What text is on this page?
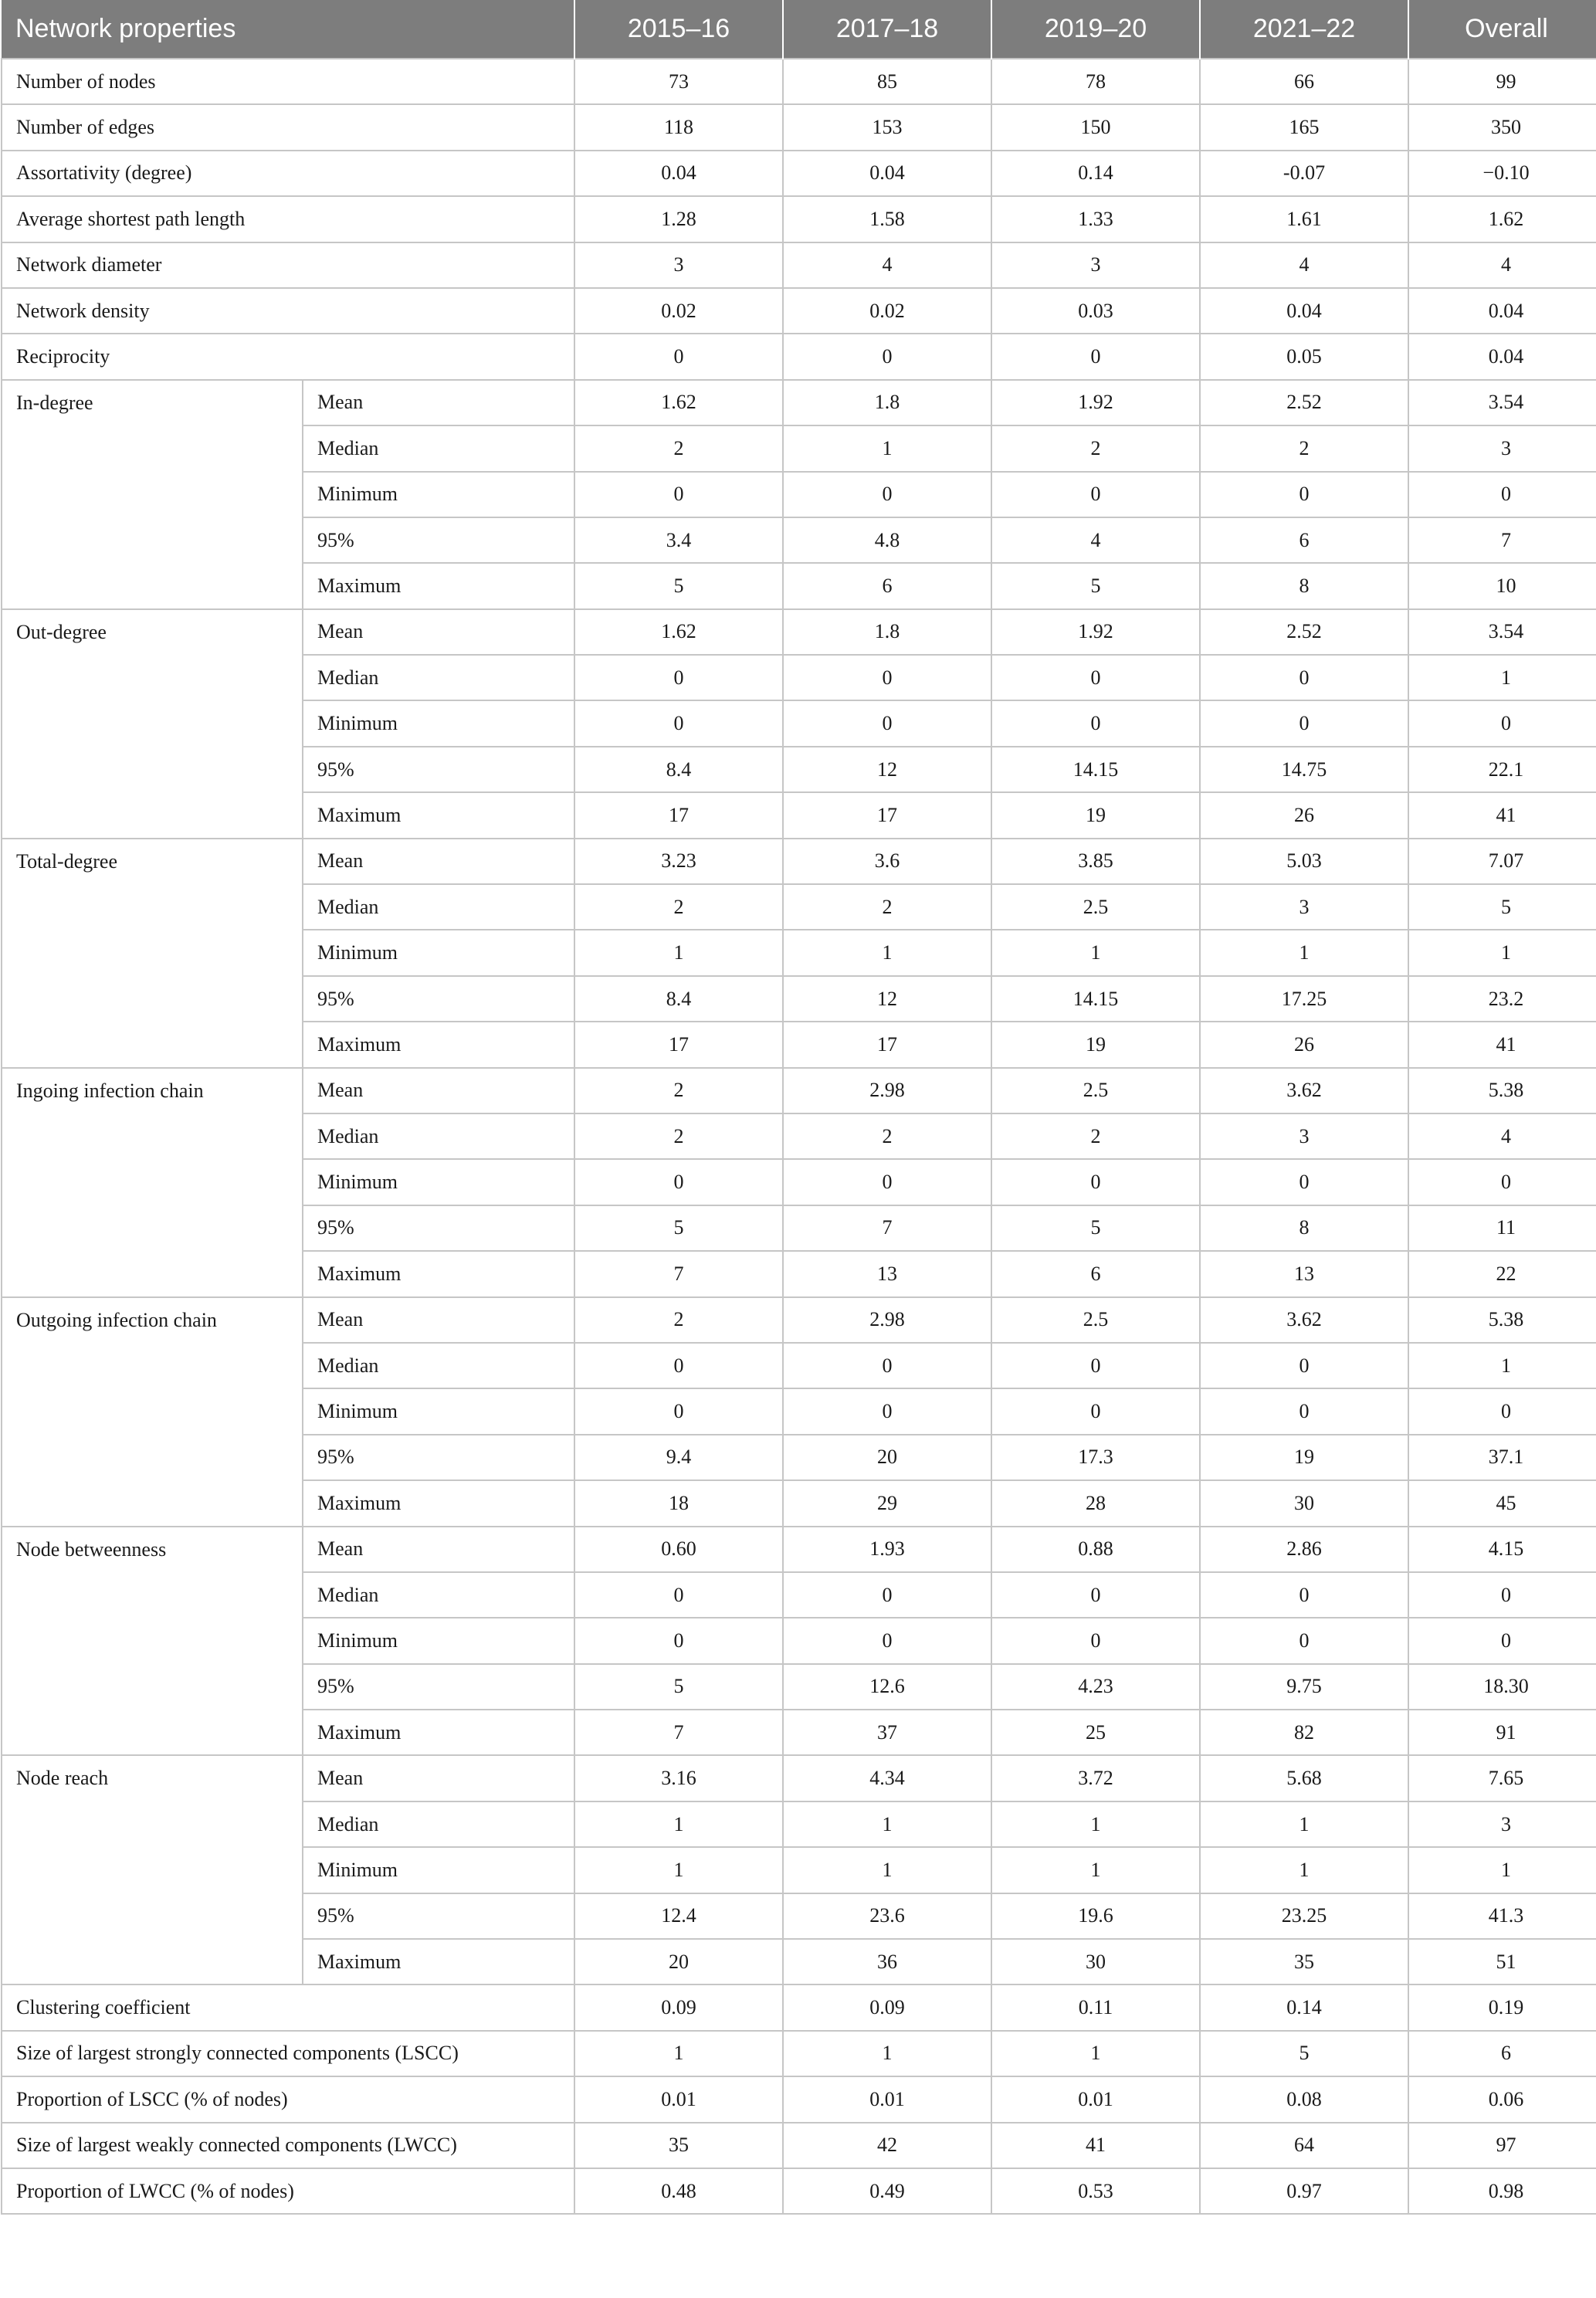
Network properties		2015–16	2017–18	2019–20	2021–22	Overall
Number of nodes		73	85	78	66	99
Number of edges		118	153	150	165	350
Assortativity (degree)		0.04	0.04	0.14	-0.07	−0.10
Average shortest path length		1.28	1.58	1.33	1.61	1.62
Network diameter		3	4	3	4	4
Network density		0.02	0.02	0.03	0.04	0.04
Reciprocity		0	0	0	0.05	0.04
In-degree	Mean	1.62	1.8	1.92	2.52	3.54
	Median	2	1	2	2	3
	Minimum	0	0	0	0	0
	95%	3.4	4.8	4	6	7
	Maximum	5	6	5	8	10
Out-degree	Mean	1.62	1.8	1.92	2.52	3.54
	Median	0	0	0	0	1
	Minimum	0	0	0	0	0
	95%	8.4	12	14.15	14.75	22.1
	Maximum	17	17	19	26	41
Total-degree	Mean	3.23	3.6	3.85	5.03	7.07
	Median	2	2	2.5	3	5
	Minimum	1	1	1	1	1
	95%	8.4	12	14.15	17.25	23.2
	Maximum	17	17	19	26	41
Ingoing infection chain	Mean	2	2.98	2.5	3.62	5.38
	Median	2	2	2	3	4
	Minimum	0	0	0	0	0
	95%	5	7	5	8	11
	Maximum	7	13	6	13	22
Outgoing infection chain	Mean	2	2.98	2.5	3.62	5.38
	Median	0	0	0	0	1
	Minimum	0	0	0	0	0
	95%	9.4	20	17.3	19	37.1
	Maximum	18	29	28	30	45
Node betweenness	Mean	0.60	1.93	0.88	2.86	4.15
	Median	0	0	0	0	0
	Minimum	0	0	0	0	0
	95%	5	12.6	4.23	9.75	18.30
	Maximum	7	37	25	82	91
Node reach	Mean	3.16	4.34	3.72	5.68	7.65
	Median	1	1	1	1	3
	Minimum	1	1	1	1	1
	95%	12.4	23.6	19.6	23.25	41.3
	Maximum	20	36	30	35	51
Clustering coefficient		0.09	0.09	0.11	0.14	0.19
Size of largest strongly connected components (LSCC)		1	1	1	5	6
Proportion of LSCC (% of nodes)		0.01	0.01	0.01	0.08	0.06
Size of largest weakly connected components (LWCC)		35	42	41	64	97
Proportion of LWCC (% of nodes)		0.48	0.49	0.53	0.97	0.98
